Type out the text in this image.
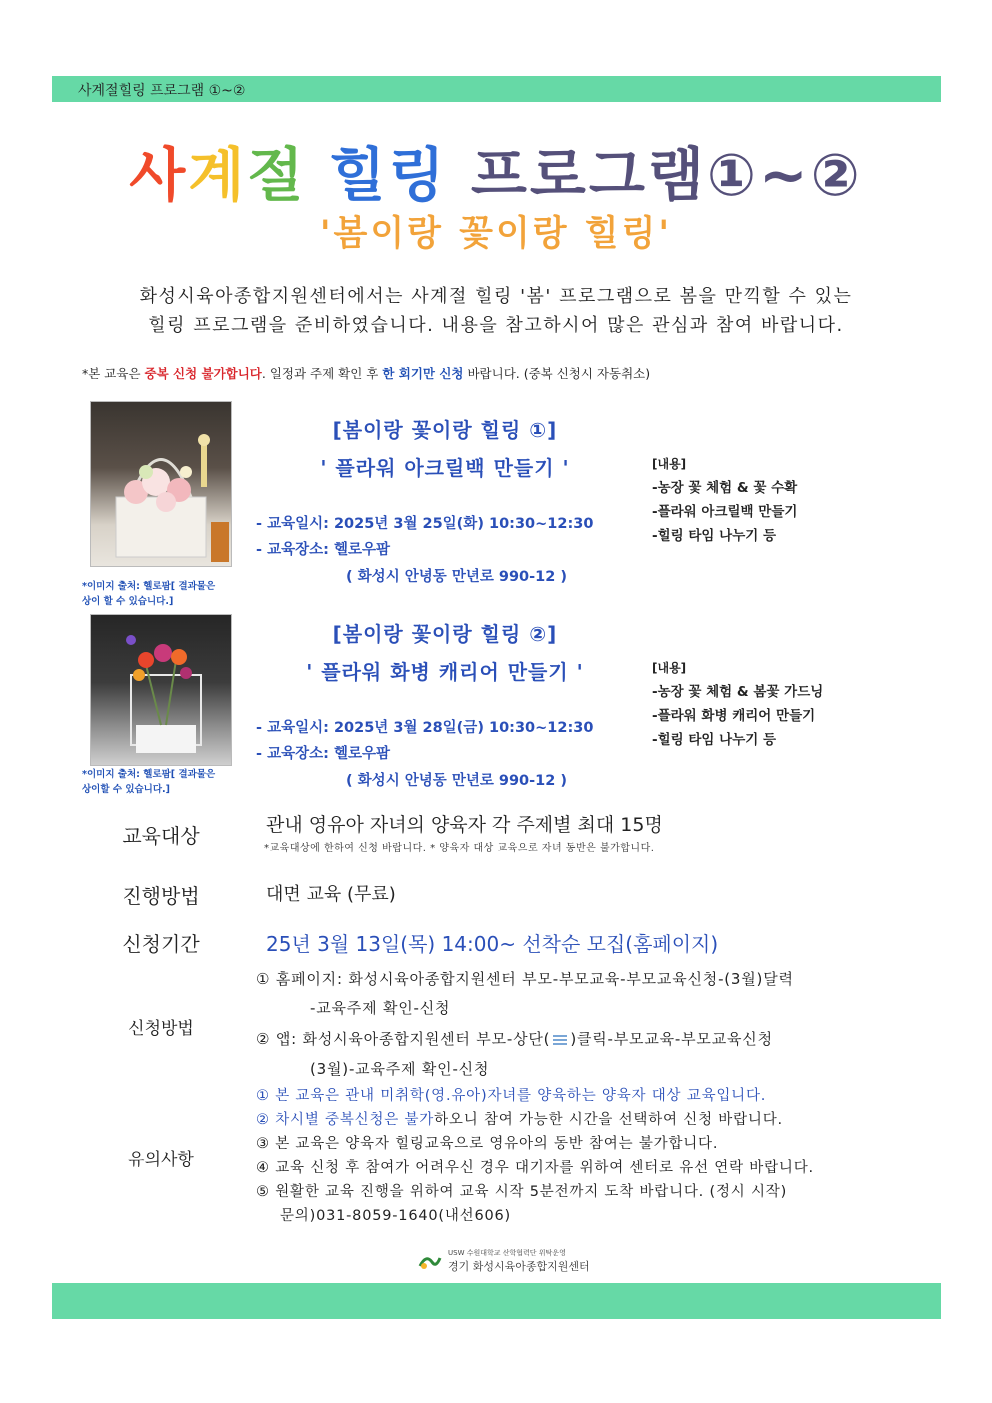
사계절힐링 프로그램 ①~②
사계절 힐링 프로그램①~②
'봄이랑 꽃이랑 힐링'
화성시육아종합지원센터에서는 사계절 힐링 '봄' 프로그램으로 봄을 만끽할 수 있는
힐링 프로그램을 준비하였습니다. 내용을 참고하시어 많은 관심과 참여 바랍니다.
*본 교육은 중복 신청 불가합니다. 일정과 주제 확인 후 한 회기만 신청 바랍니다. (중복 신청시 자동취소)
*이미지 출처: 헬로팜[ 결과물은
상이 할 수 있습니다.]
[봄이랑 꽃이랑 힐링 ①]
' 플라워 아크릴백 만들기 '
- 교육일시: 2025년 3월 25일(화) 10:30~12:30
- 교육장소: 헬로우팜
( 화성시 안녕동 만년로 990-12 )
[내용]
-농장 꽃 체험 & 꽃 수확
-플라워 아크릴백 만들기
-힐링 타임 나누기 등
*이미지 출처: 헬로팜[ 결과물은
상이할 수 있습니다.]
[봄이랑 꽃이랑 힐링 ②]
' 플라워 화병 캐리어 만들기 '
- 교육일시: 2025년 3월 28일(금) 10:30~12:30
- 교육장소: 헬로우팜
( 화성시 안녕동 만년로 990-12 )
[내용]
-농장 꽃 체험 & 봄꽃 가드닝
-플라워 화병 캐리어 만들기
-힐링 타임 나누기 등
교육대상	관내 영유아 자녀의 양육자 각 주제별 최대 15명
*교육대상에 한하여 신청 바랍니다. * 양육자 대상 교육으로 자녀 동반은 불가합니다.
진행방법	대면 교육 (무료)
신청기간	25년 3월 13일(목) 14:00~ 선착순 모집(홈페이지)
신청방법
① 홈페이지: 화성시육아종합지원센터 부모-부모교육-부모교육신청-(3월)달력
-교육주제 확인-신청
② 앱: 화성시육아종합지원센터 부모-상단( )클릭-부모교육-부모교육신청
(3월)-교육주제 확인-신청
유의사항
① 본 교육은 관내 미취학(영.유아)자녀를 양육하는 양육자 대상 교육입니다.
② 차시별 중복신청은 불가하오니 참여 가능한 시간을 선택하여 신청 바랍니다.
③ 본 교육은 양육자 힐링교육으로 영유아의 동반 참여는 불가합니다.
④ 교육 신청 후 참여가 어려우신 경우 대기자를 위하여 센터로 유선 연락 바랍니다.
⑤ 원활한 교육 진행을 위하여 교육 시작 5분전까지 도착 바랍니다. (정시 시작)
문의)031-8059-1640(내선606)
USW 수원대학교 산학협력단 위탁운영
경기 화성시육아종합지원센터
